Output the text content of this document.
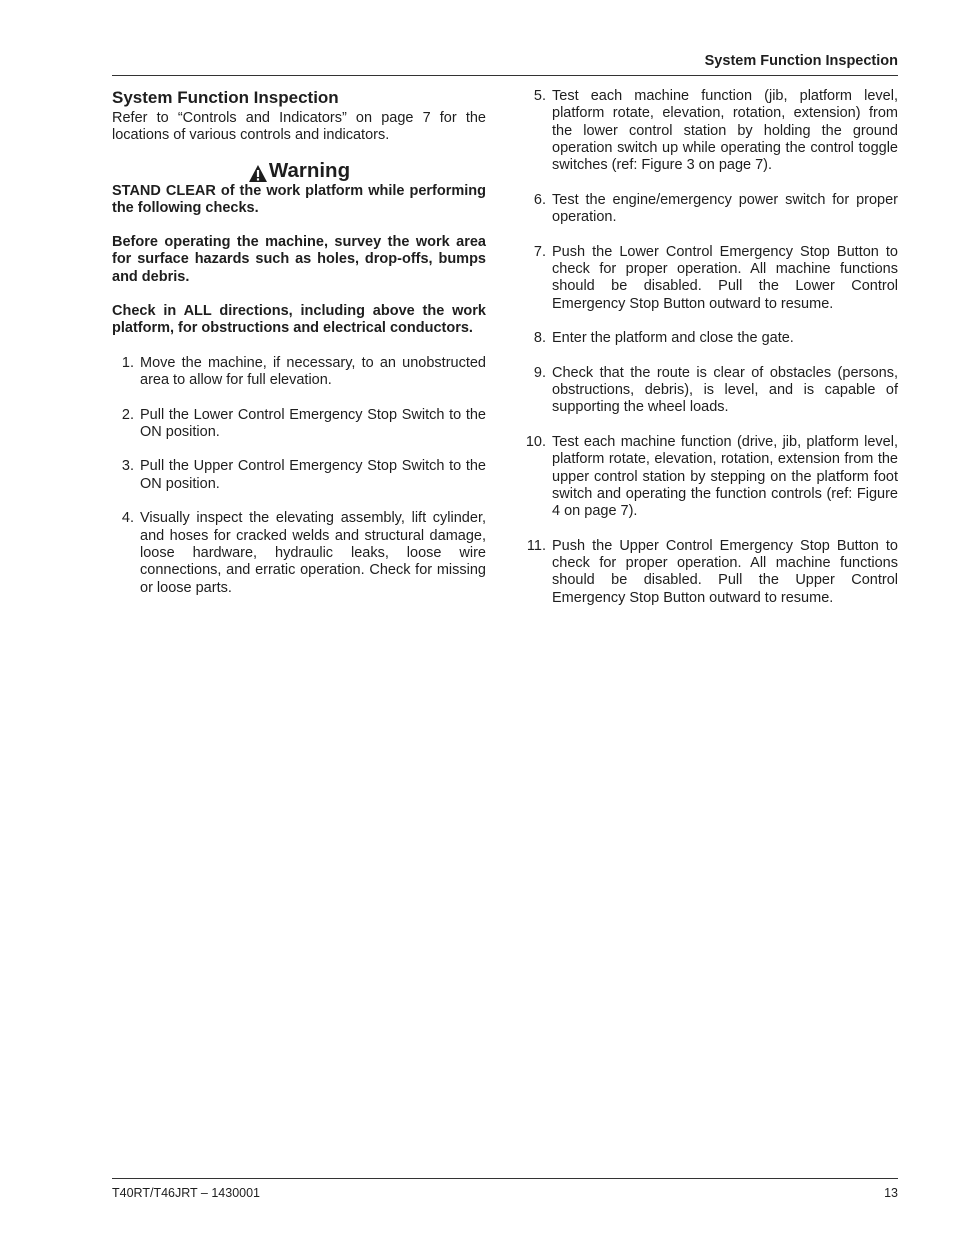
System Function Inspection
System Function Inspection

Refer to “Controls and Indicators” on page 7 for the locations of various controls and indicators.

Warning

STAND CLEAR of the work platform while performing the following checks.

Before operating the machine, survey the work area for surface hazards such as holes, drop-offs, bumps and debris.

Check in ALL directions, including above the work platform, for obstructions and electrical conductors.

1. Move the machine, if necessary, to an unobstructed area to allow for full elevation.
2. Pull the Lower Control Emergency Stop Switch to the ON position.
3. Pull the Upper Control Emergency Stop Switch to the ON position.
4. Visually inspect the elevating assembly, lift cylinder, and hoses for cracked welds and structural damage, loose hardware, hydraulic leaks, loose wire connections, and erratic operation. Check for missing or loose parts.
5. Test each machine function (jib, platform level, platform rotate, elevation, rotation, extension) from the lower control station by holding the ground operation switch up while operating the control toggle switches (ref: Figure 3 on page 7).
6. Test the engine/emergency power switch for proper operation.
7. Push the Lower Control Emergency Stop Button to check for proper operation. All machine functions should be disabled. Pull the Lower Control Emergency Stop Button outward to resume.
8. Enter the platform and close the gate.
9. Check that the route is clear of obstacles (persons, obstructions, debris), is level, and is capable of supporting the wheel loads.
10. Test each machine function (drive, jib, platform level, platform rotate, elevation, rotation, extension from the upper control station by stepping on the platform foot switch and operating the function controls (ref: Figure 4 on page 7).
11. Push the Upper Control Emergency Stop Button to check for proper operation. All machine functions should be disabled. Pull the Upper Control Emergency Stop Button outward to resume.
T40RT/T46JRT – 1430001	13
